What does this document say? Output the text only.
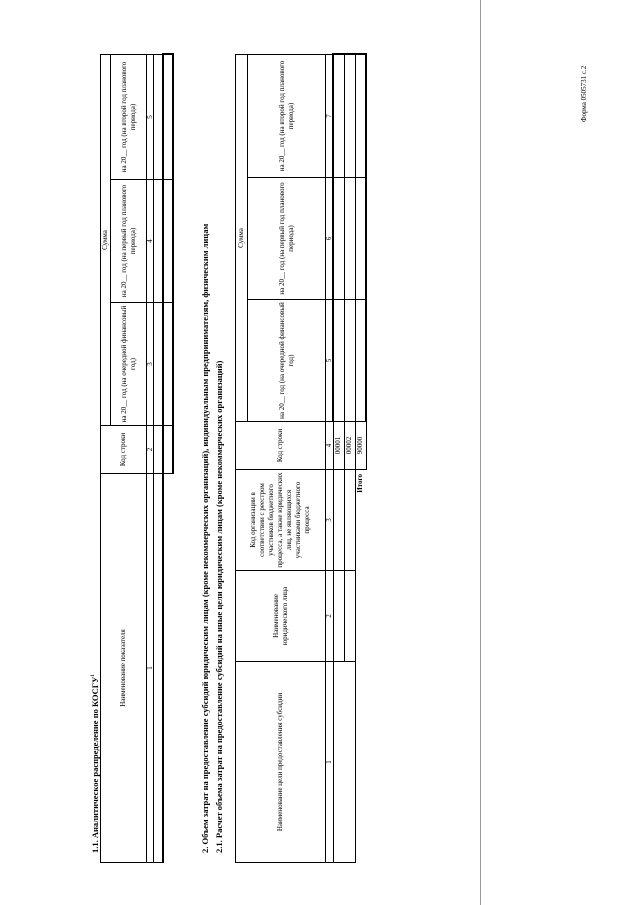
Форма 0505731 с.2
1.1. Аналитическое распределение по КОСГУ$^1$	Наименование показателя	Код строки	Сумма		
		на 20__ год (на очередной финансовый год)	на 20__ год (на первый год планового периода)	на 20__ год (на второй год планового периода)
1	2	3	4	5

2. Объем затрат на предоставление субсидий юридическим лицам (кроме некоммерческих организаций), индивидуальным предпринимателям, физическим лицам 2.1. Расчет объема затрат на предоставление субсидий на иные цели юридическим лицам (кроме некоммерческих организаций)	Наименование цели предоставления субсидии	Наименование юридического лица	Код организации в соответствии с реестром участников бюджетного процесса, а также юридических лиц, не являющихся участниками бюджетного процесса	Код строки	Сумма		
				на 20__ год (на очередной финансовый год)	на 20__ год (на первый год планового периода)	на 20__ год (на второй год планового периода)
1	2	3	4	5	6	7
			00001			
			00002			
		Итого	90000			
